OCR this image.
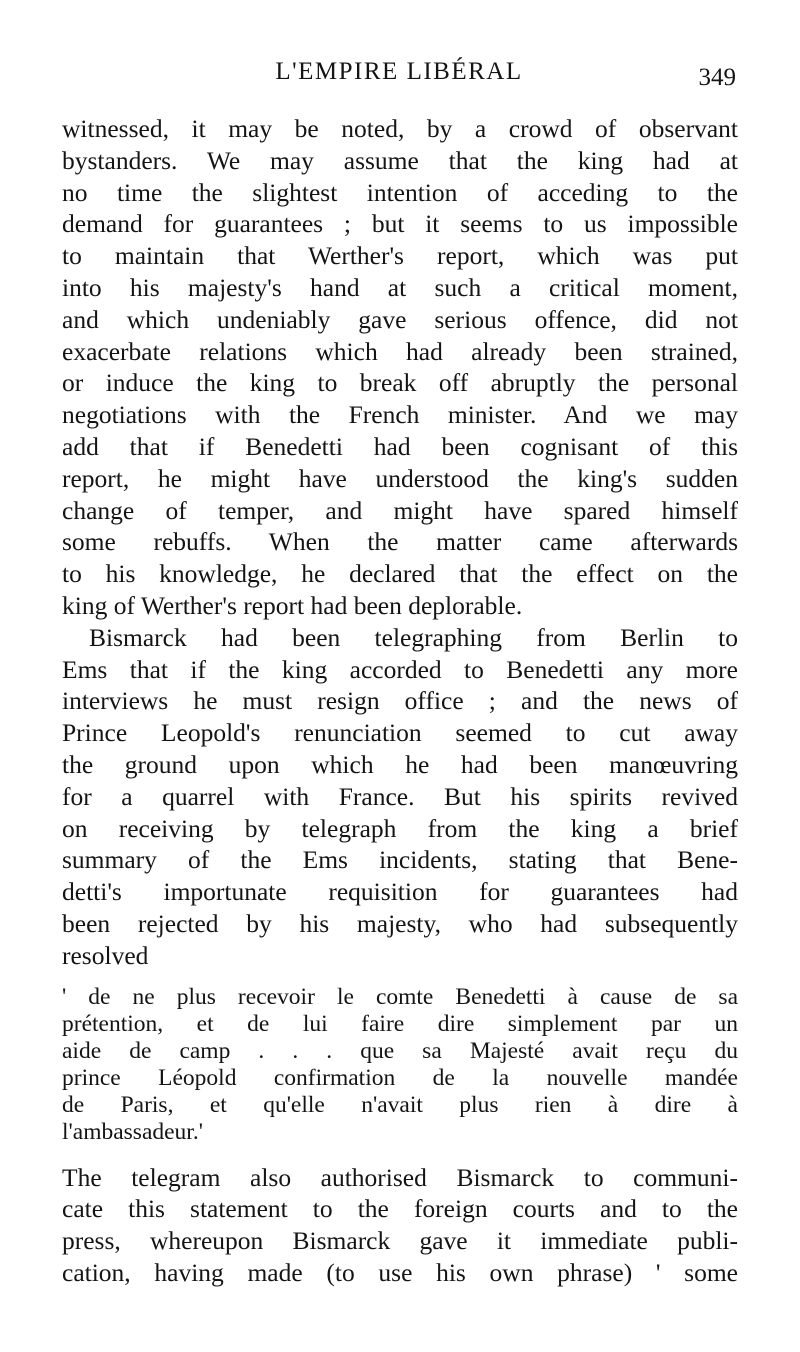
L'EMPIRE LIBÉRAL	349
witnessed, it may be noted, by a crowd of observant
bystanders. We may assume that the king had at
no time the slightest intention of acceding to the
demand for guarantees ; but it seems to us impossible
to maintain that Werther's report, which was put
into his majesty's hand at such a critical moment,
and which undeniably gave serious offence, did not
exacerbate relations which had already been strained,
or induce the king to break off abruptly the personal
negotiations with the French minister. And we may
add that if Benedetti had been cognisant of this
report, he might have understood the king's sudden
change of temper, and might have spared himself
some rebuffs. When the matter came afterwards
to his knowledge, he declared that the effect on the
king of Werther's report had been deplorable.
Bismarck had been telegraphing from Berlin to
Ems that if the king accorded to Benedetti any more
interviews he must resign office ; and the news of
Prince Leopold's renunciation seemed to cut away
the ground upon which he had been manœuvring
for a quarrel with France. But his spirits revived
on receiving by telegraph from the king a brief
summary of the Ems incidents, stating that Bene-
detti's importunate requisition for guarantees had
been rejected by his majesty, who had subsequently
resolved
' de ne plus recevoir le comte Benedetti à cause de sa
prétention, et de lui faire dire simplement par un
aide de camp . . . que sa Majesté avait reçu du
prince Léopold confirmation de la nouvelle mandée
de Paris, et qu'elle n'avait plus rien à dire à
l'ambassadeur.'
The telegram also authorised Bismarck to communi-
cate this statement to the foreign courts and to the
press, whereupon Bismarck gave it immediate publi-
cation, having made (to use his own phrase) ' some
